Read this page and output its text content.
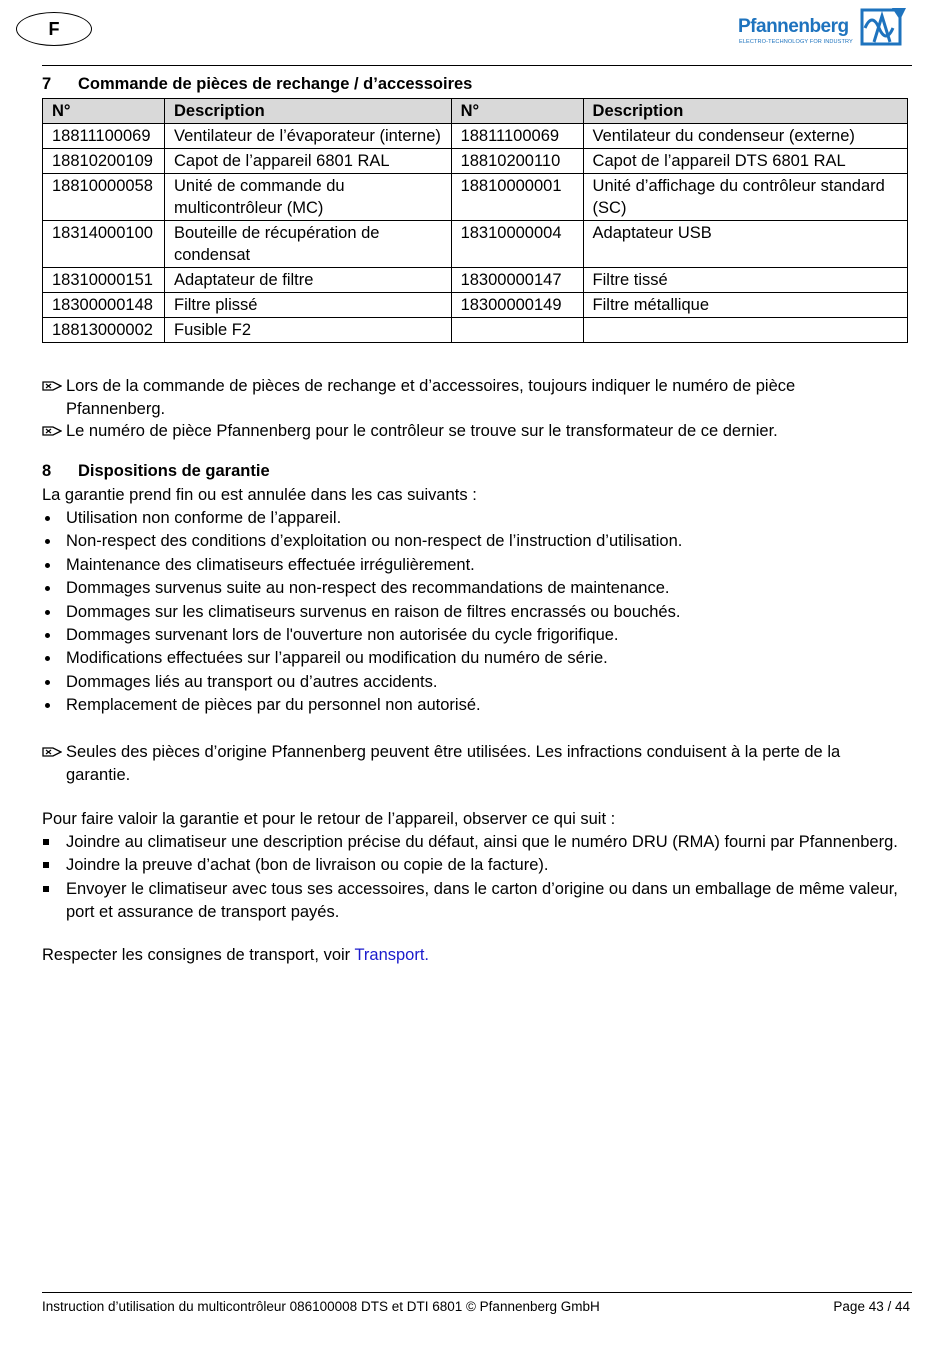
F	Pfannenberg
ELECTRO-TECHNOLOGY FOR INDUSTRY
7 Commande de pièces de rechange / d’accessoires
N°	Description	N°	Description
18811100069	Ventilateur de l’évaporateur (interne)	18811100069	Ventilateur du condenseur (externe)
18810200109	Capot de l’appareil 6801 RAL	18810200110	Capot de l’appareil DTS 6801 RAL
18810000058	Unité de commande du multicontrôleur (MC)	18810000001	Unité d’affichage du contrôleur standard (SC)
18314000100	Bouteille de récupération de condensat	18310000004	Adaptateur USB
18310000151	Adaptateur de filtre	18300000147	Filtre tissé
18300000148	Filtre plissé	18300000149	Filtre métallique
18813000002	Fusible F2		
Lors de la commande de pièces de rechange et d’accessoires, toujours indiquer le numéro de pièce Pfannenberg.
Le numéro de pièce Pfannenberg pour le contrôleur se trouve sur le transformateur de ce dernier.
8 Dispositions de garantie
La garantie prend fin ou est annulée dans les cas suivants :
Utilisation non conforme de l’appareil.
Non-respect des conditions d’exploitation ou non-respect de l’instruction d’utilisation.
Maintenance des climatiseurs effectuée irrégulièrement.
Dommages survenus suite au non-respect des recommandations de maintenance.
Dommages sur les climatiseurs survenus en raison de filtres encrassés ou bouchés.
Dommages survenant lors de l'ouverture non autorisée du cycle frigorifique.
Modifications effectuées sur l’appareil ou modification du numéro de série.
Dommages liés au transport ou d’autres accidents.
Remplacement de pièces par du personnel non autorisé.
Seules des pièces d’origine Pfannenberg peuvent être utilisées. Les infractions conduisent à la perte de la garantie.
Pour faire valoir la garantie et pour le retour de l’appareil, observer ce qui suit :
Joindre au climatiseur une description précise du défaut, ainsi que le numéro DRU (RMA) fourni par Pfannenberg.
Joindre la preuve d’achat (bon de livraison ou copie de la facture).
Envoyer le climatiseur avec tous ses accessoires, dans le carton d’origine ou dans un emballage de même valeur, port et assurance de transport payés.
Respecter les consignes de transport, voir Transport.
Instruction d’utilisation du multicontrôleur 086100008 DTS et DTI 6801 © Pfannenberg GmbH	Page 43 / 44
